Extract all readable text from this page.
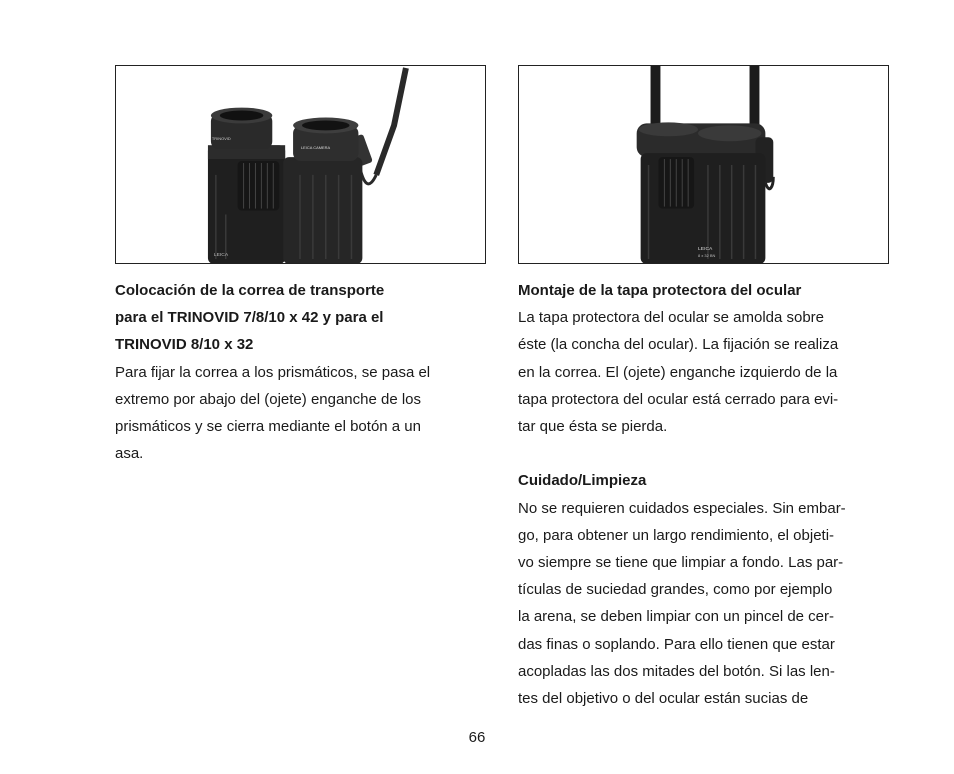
TRINOVID
LEICA CAMERA
LEICA
LEICA
8 x 32 BN

Colocación de la correa de transporte

para el TRINOVID 7/8/10 x 42 y para el

TRINOVID 8/10 x 32

Para fijar la correa a los prismáticos, se pasa el

extremo por abajo del (ojete) enganche de los

prismáticos y se cierra mediante el botón a un

asa.

Montaje de la tapa protectora del ocular

La tapa protectora del ocular se amolda sobre

éste (la concha del ocular). La fijación se realiza

en la correa. El (ojete) enganche izquierdo de la

tapa protectora del ocular está cerrado para evi-

tar que ésta se pierda.

Cuidado/Limpieza

No se requieren cuidados especiales. Sin embar-

go, para obtener un largo rendimiento, el objeti-

vo siempre se tiene que limpiar a fondo. Las par-

tículas de suciedad grandes, como por ejemplo

la arena, se deben limpiar con un pincel de cer-

das finas o soplando. Para ello tienen que estar

acopladas las dos mitades del botón. Si las len-

tes del objetivo o del ocular están sucias de

66
